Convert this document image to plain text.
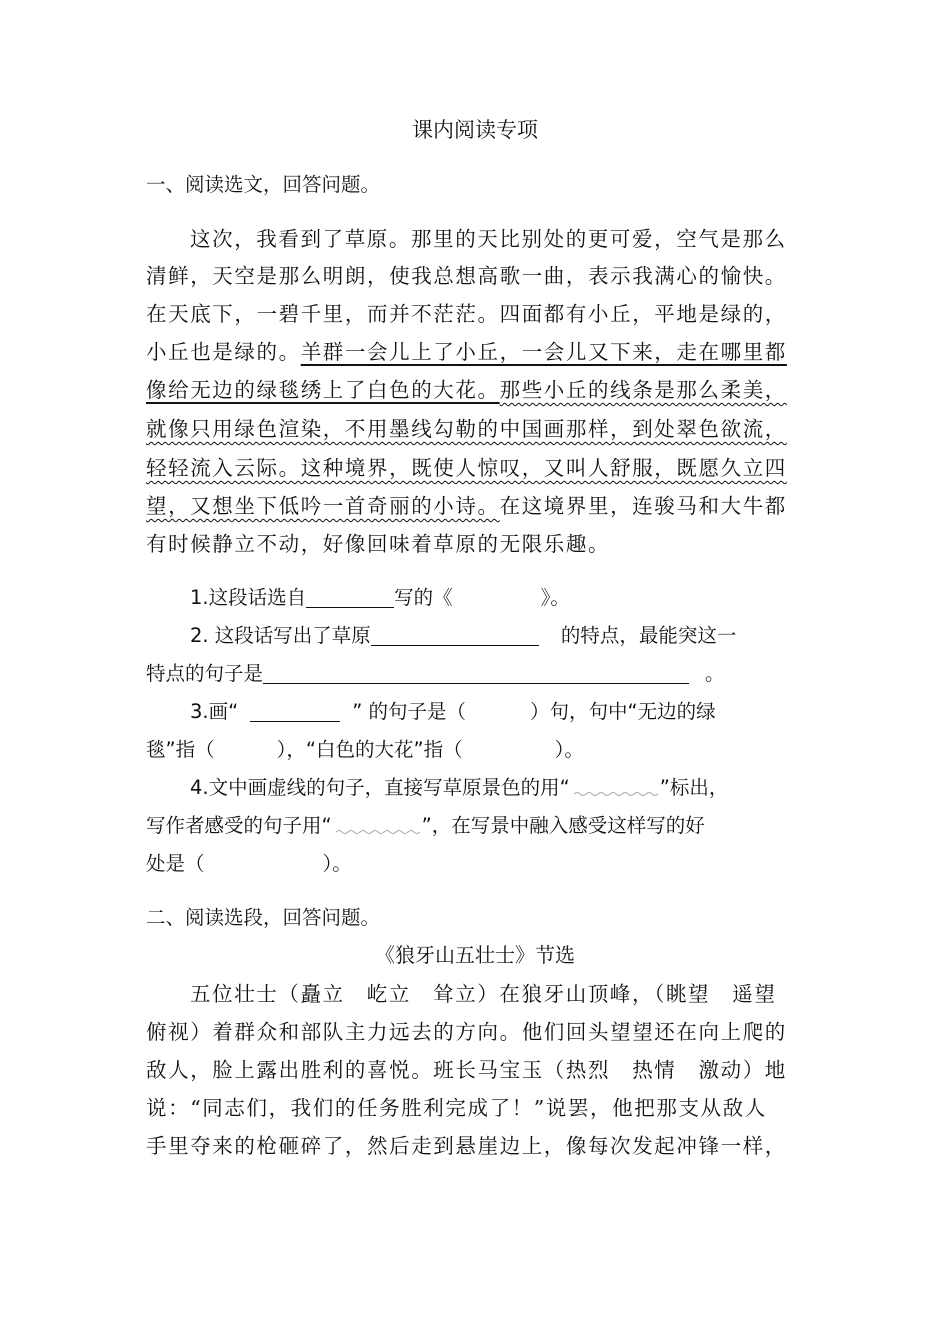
课内阅读专项
一、阅读选文，回答问题。
这次，我看到了草原。那里的天比别处的更可爱，空气是那么
清鲜，天空是那么明朗，使我总想高歌一曲，表示我满心的愉快。
在天底下，一碧千里，而并不茫茫。四面都有小丘，平地是绿的，
小丘也是绿的。羊群一会儿上了小丘，一会儿又下来，走在哪里都
像给无边的绿毯绣上了白色的大花。那些小丘的线条是那么柔美，
就像只用绿色渲染，不用墨线勾勒的中国画那样，到处翠色欲流，
轻轻流入云际。这种境界，既使人惊叹，又叫人舒服，既愿久立四
望，又想坐下低吟一首奇丽的小诗。在这境界里，连骏马和大牛都
有时候静立不动，好像回味着草原的无限乐趣。
1.这段话选自	写的《	》。
2. 这段话写出了草原	的特点，最能突这一
特点的句子是	。
3.画“	” 的句子是（	）句，句中“无边的绿
毯”指（	），“白色的大花”指（	）。
4.文中画虚线的句子，直接写草原景色的用“	”标出，
写作者感受的句子用“	”，在写景中融入感受这样写的好
处是（	）。
二、阅读选段，回答问题。
《狼牙山五壮士》节选
五位壮士（矗立　屹立　耸立）在狼牙山顶峰，（眺望　遥望
俯视）着群众和部队主力远去的方向。他们回头望望还在向上爬的
敌人，脸上露出胜利的喜悦。班长马宝玉（热烈　热情　激动）地
说：“同志们，我们的任务胜利完成了！”说罢，他把那支从敌人
手里夺来的枪砸碎了，然后走到悬崖边上，像每次发起冲锋一样，
